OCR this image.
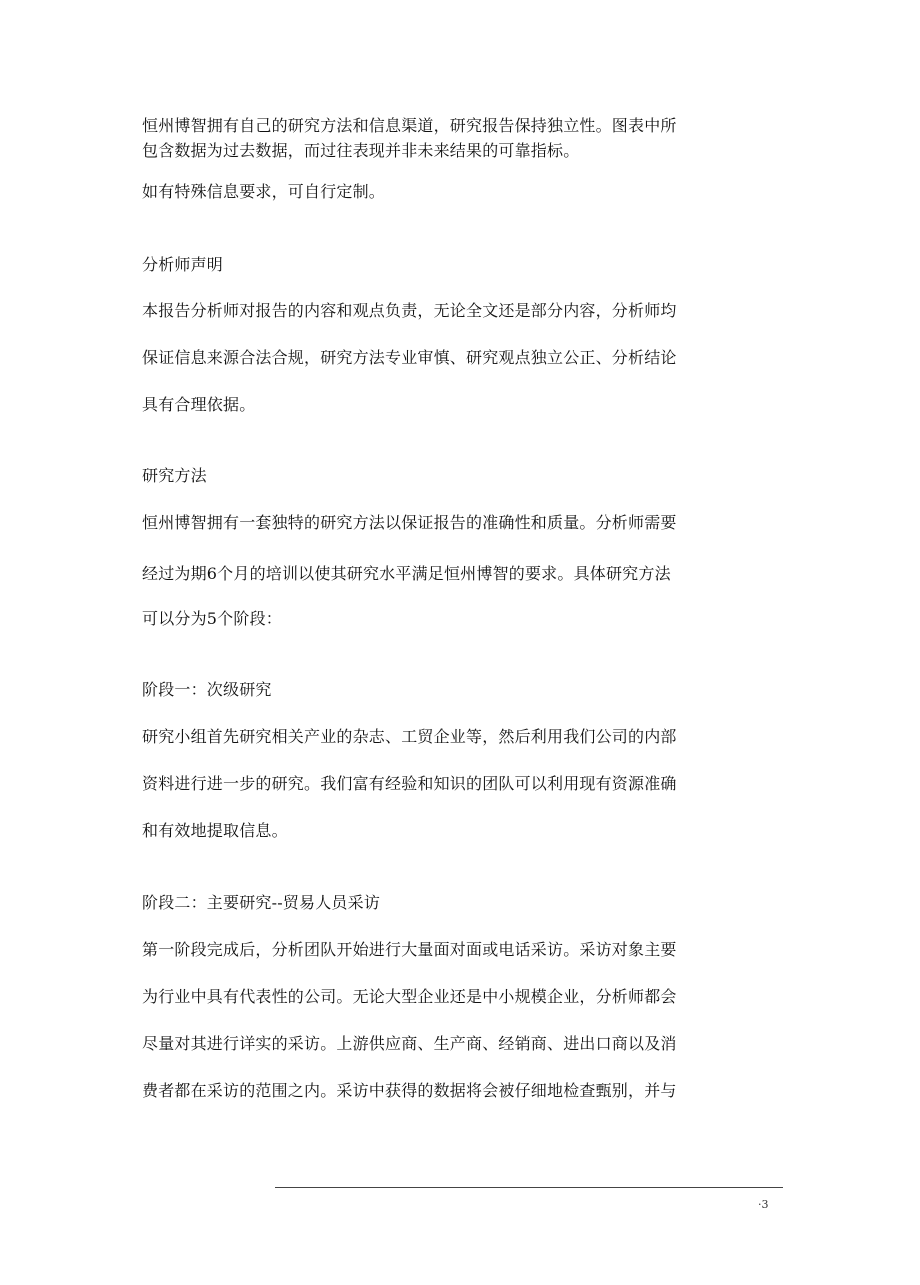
恒州博智拥有自己的研究方法和信息渠道，研究报告保持独立性。图表中所
包含数据为过去数据，而过往表现并非未来结果的可靠指标。
如有特殊信息要求，可自行定制。
分析师声明
本报告分析师对报告的内容和观点负责，无论全文还是部分内容，分析师均
保证信息来源合法合规，研究方法专业审慎、研究观点独立公正、分析结论
具有合理依据。
研究方法
恒州博智拥有一套独特的研究方法以保证报告的准确性和质量。分析师需要
经过为期6个月的培训以使其研究水平满足恒州博智的要求。具体研究方法
可以分为5个阶段：
阶段一：次级研究
研究小组首先研究相关产业的杂志、工贸企业等，然后利用我们公司的内部
资料进行进一步的研究。我们富有经验和知识的团队可以利用现有资源准确
和有效地提取信息。
阶段二：主要研究--贸易人员采访
第一阶段完成后，分析团队开始进行大量面对面或电话采访。采访对象主要
为行业中具有代表性的公司。无论大型企业还是中小规模企业，分析师都会
尽量对其进行详实的采访。上游供应商、生产商、经销商、进出口商以及消
费者都在采访的范围之内。采访中获得的数据将会被仔细地检查甄别，并与
·3
